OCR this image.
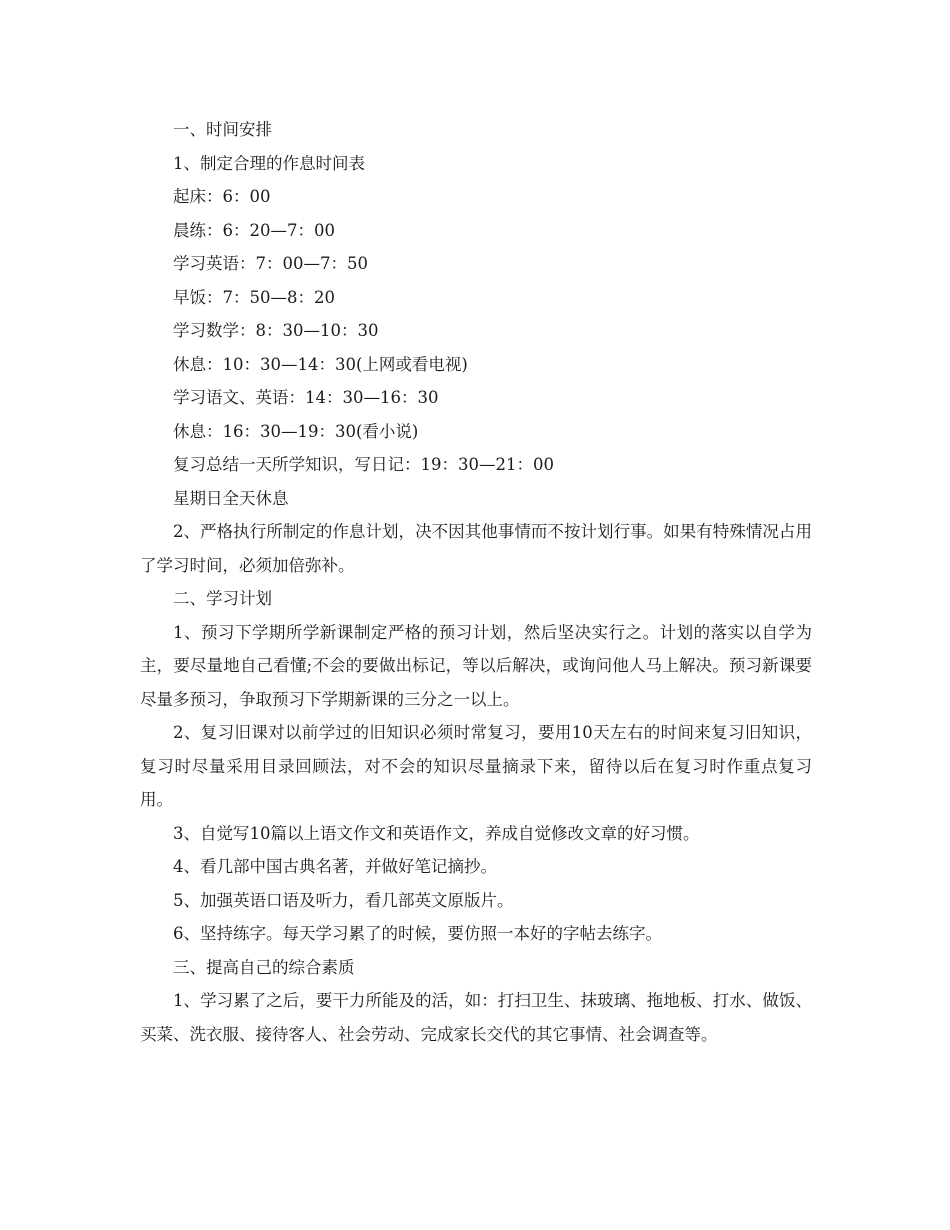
一、时间安排

1、制定合理的作息时间表

起床：6：00

晨练：6：20—7：00

学习英语：7：00—7：50

早饭：7：50—8：20

学习数学：8：30—10：30

休息：10：30—14：30(上网或看电视)

学习语文、英语：14：30—16：30

休息：16：30—19：30(看小说)

复习总结一天所学知识，写日记：19：30—21：00

星期日全天休息

2、严格执行所制定的作息计划，决不因其他事情而不按计划行事。如果有特殊情况占用了学习时间，必须加倍弥补。

二、学习计划

1、预习下学期所学新课制定严格的预习计划，然后坚决实行之。计划的落实以自学为主，要尽量地自己看懂;不会的要做出标记，等以后解决，或询问他人马上解决。预习新课要尽量多预习，争取预习下学期新课的三分之一以上。

2、复习旧课对以前学过的旧知识必须时常复习，要用10天左右的时间来复习旧知识，复习时尽量采用目录回顾法，对不会的知识尽量摘录下来，留待以后在复习时作重点复习用。

3、自觉写10篇以上语文作文和英语作文，养成自觉修改文章的好习惯。

4、看几部中国古典名著，并做好笔记摘抄。

5、加强英语口语及听力，看几部英文原版片。

6、坚持练字。每天学习累了的时候，要仿照一本好的字帖去练字。

三、提高自己的综合素质

1、学习累了之后，要干力所能及的活，如：打扫卫生、抹玻璃、拖地板、打水、做饭、买菜、洗衣服、接待客人、社会劳动、完成家长交代的其它事情、社会调查等。
